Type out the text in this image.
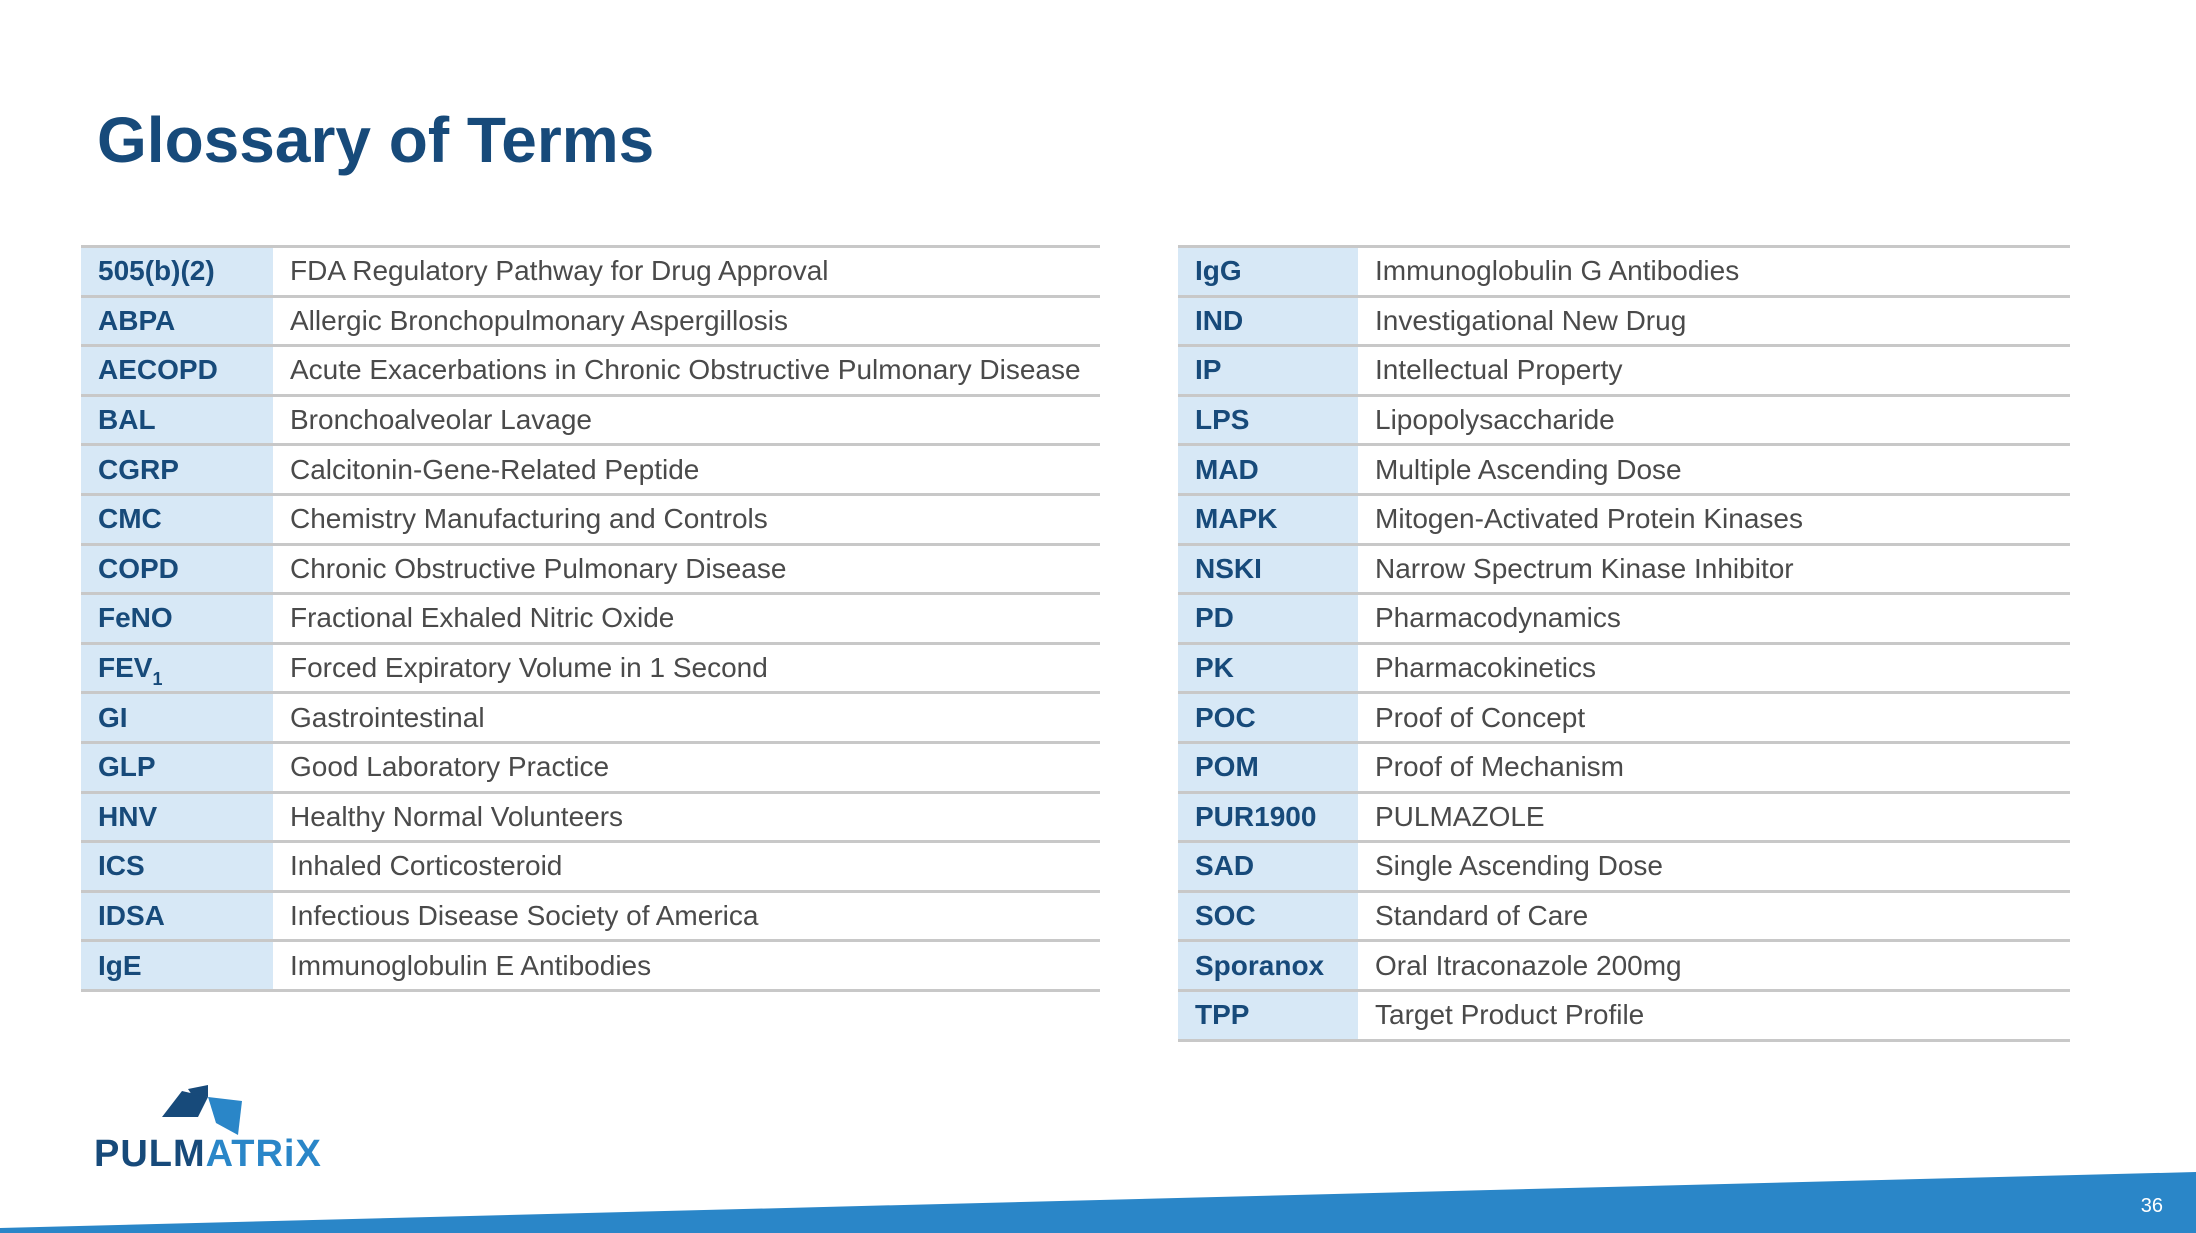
Glossary of Terms
505(b)(2)	FDA Regulatory Pathway for Drug Approval
ABPA	Allergic Bronchopulmonary Aspergillosis
AECOPD	Acute Exacerbations in Chronic Obstructive Pulmonary Disease
BAL	Bronchoalveolar Lavage
CGRP	Calcitonin-Gene-Related Peptide
CMC	Chemistry Manufacturing and Controls
COPD	Chronic Obstructive Pulmonary Disease
FeNO	Fractional Exhaled Nitric Oxide
$FEV_1$	Forced Expiratory Volume in 1 Second
GI	Gastrointestinal
GLP	Good Laboratory Practice
HNV	Healthy Normal Volunteers
ICS	Inhaled Corticosteroid
IDSA	Infectious Disease Society of America
IgE	Immunoglobulin E Antibodies
IgG	Immunoglobulin G Antibodies
IND	Investigational New Drug
IP	Intellectual Property
LPS	Lipopolysaccharide
MAD	Multiple Ascending Dose
MAPK	Mitogen-Activated Protein Kinases
NSKI	Narrow Spectrum Kinase Inhibitor
PD	Pharmacodynamics
PK	Pharmacokinetics
POC	Proof of Concept
POM	Proof of Mechanism
PUR1900	PULMAZOLE
SAD	Single Ascending Dose
SOC	Standard of Care
Sporanox	Oral Itraconazole 200mg
TPP	Target Product Profile
PULMATRiX
36
